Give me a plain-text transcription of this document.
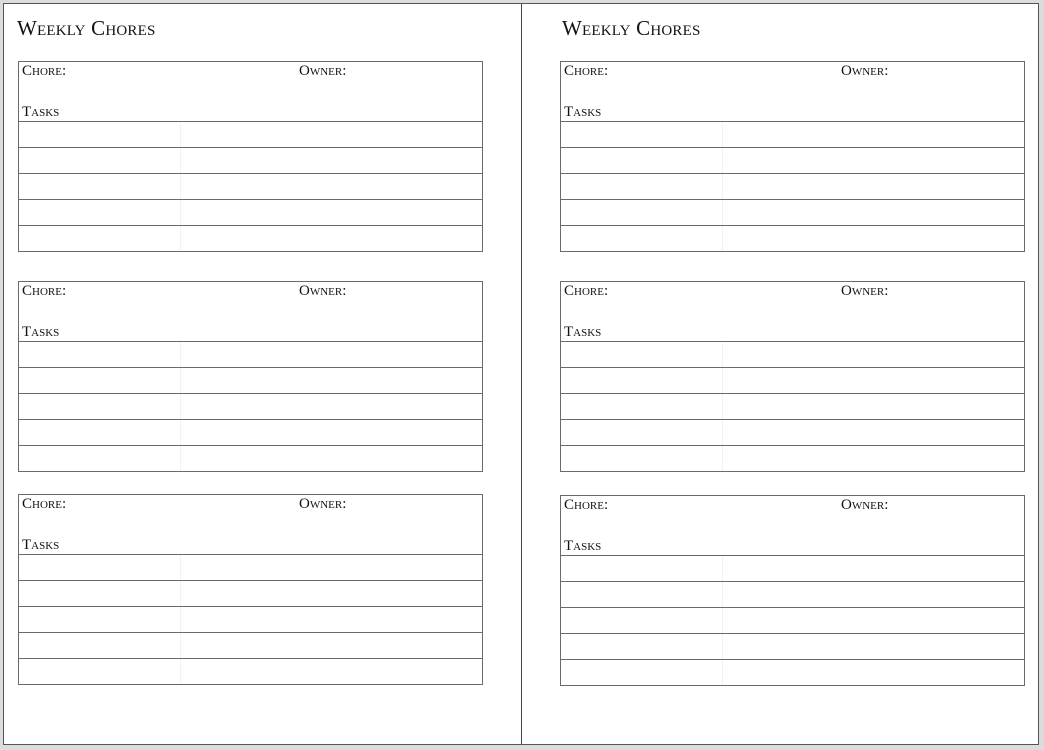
Weekly Chores
Chore:	Owner:
Tasks
Chore:	Owner:
Tasks
Chore:	Owner:
Tasks
Weekly Chores
Chore:	Owner:
Tasks
Chore:	Owner:
Tasks
Chore:	Owner:
Tasks
